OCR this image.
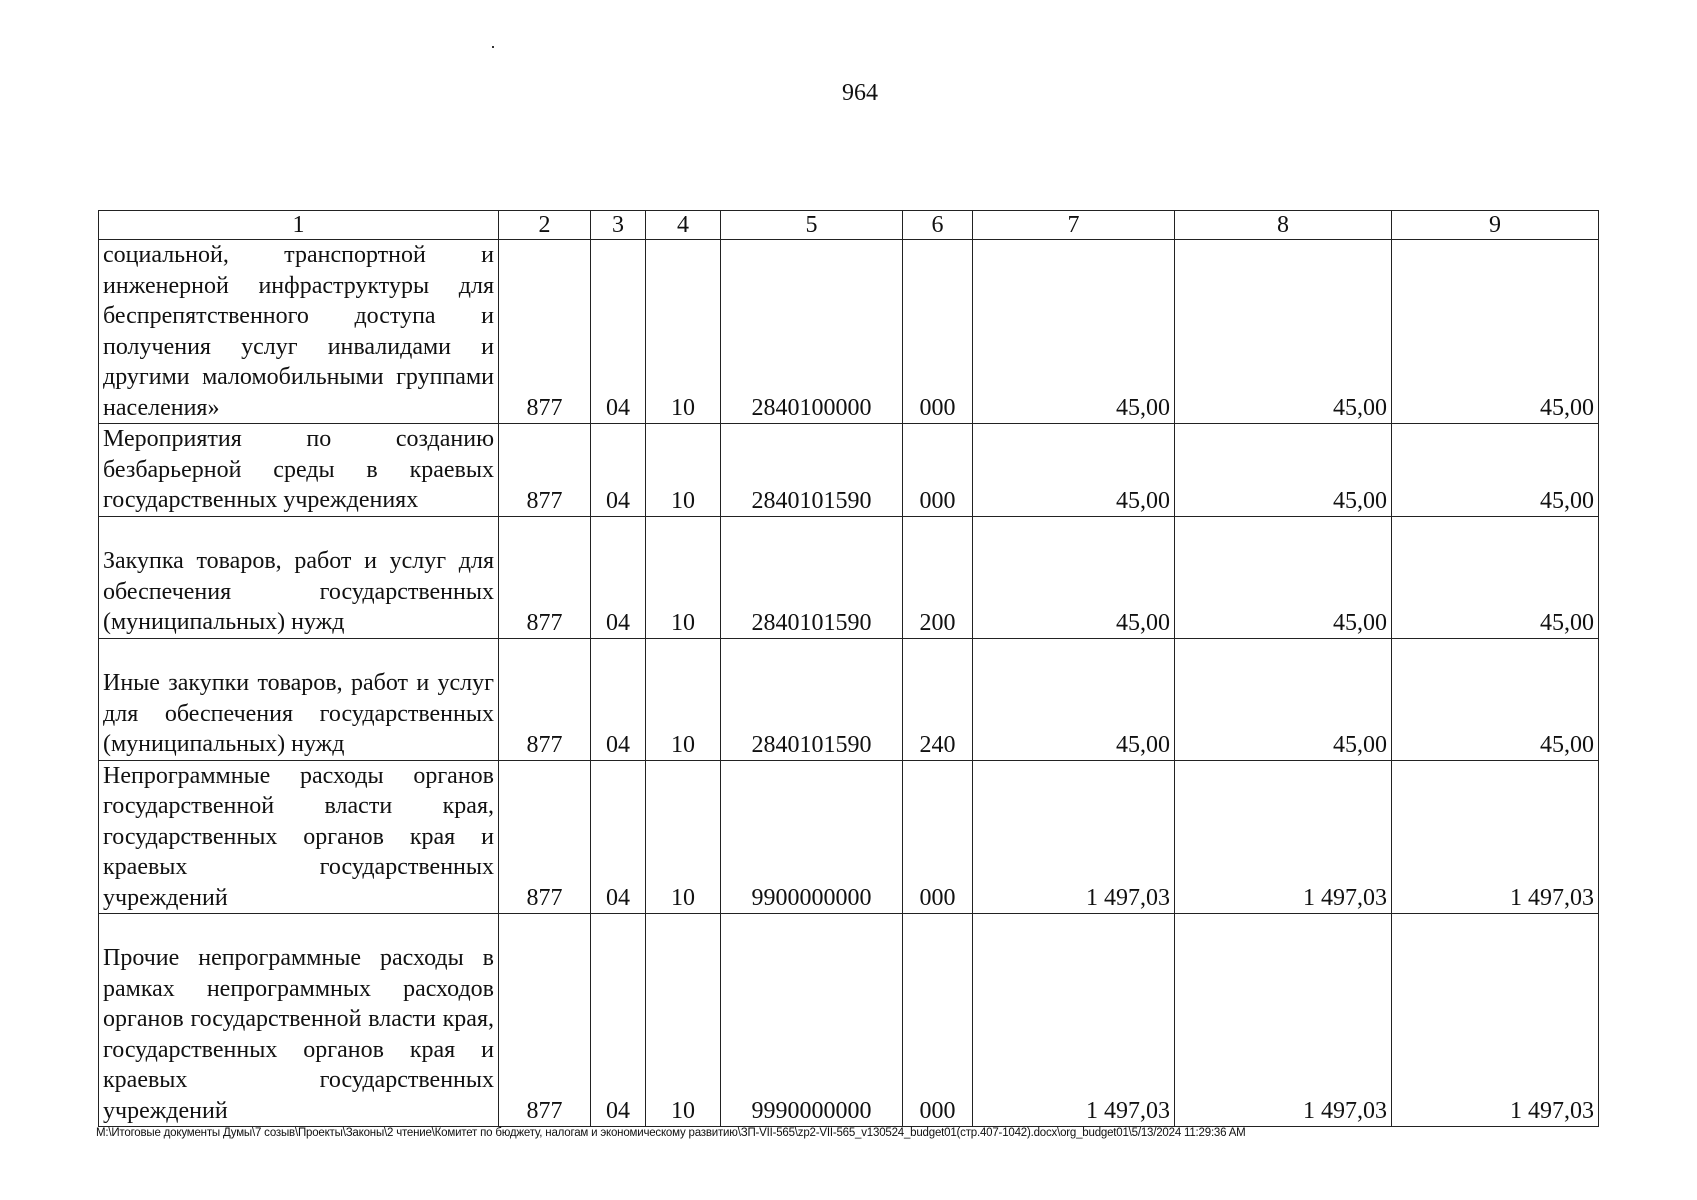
964
1	2	3	4	5	6	7	8	9
социальной, транспортной и инженерной инфраструктуры для беспрепятственного доступа и получения услуг инвалидами и другими маломобильными группами населения»	877	04	10	2840100000	000	45,00	45,00	45,00
Мероприятия по созданию безбарьерной среды в краевых государственных учреждениях	877	04	10	2840101590	000	45,00	45,00	45,00
Закупка товаров, работ и услуг для обеспечения государственных (муниципальных) нужд	877	04	10	2840101590	200	45,00	45,00	45,00
Иные закупки товаров, работ и услуг для обеспечения государственных (муниципальных) нужд	877	04	10	2840101590	240	45,00	45,00	45,00
Непрограммные расходы органов государственной власти края, государственных органов края и краевых государственных учреждений	877	04	10	9900000000	000	1 497,03	1 497,03	1 497,03
Прочие непрограммные расходы в рамках непрограммных расходов органов государственной власти края, государственных органов края и краевых государственных учреждений	877	04	10	9990000000	000	1 497,03	1 497,03	1 497,03
M:\Итоговые документы Думы\7 созыв\Проекты\Законы\2 чтение\Комитет по бюджету, налогам и экономическому развитию\ЗП-VII-565\zp2-VII-565_v130524_budget01(стр.407-1042).docx\org_budget01\5/13/2024 11:29:36 AM
